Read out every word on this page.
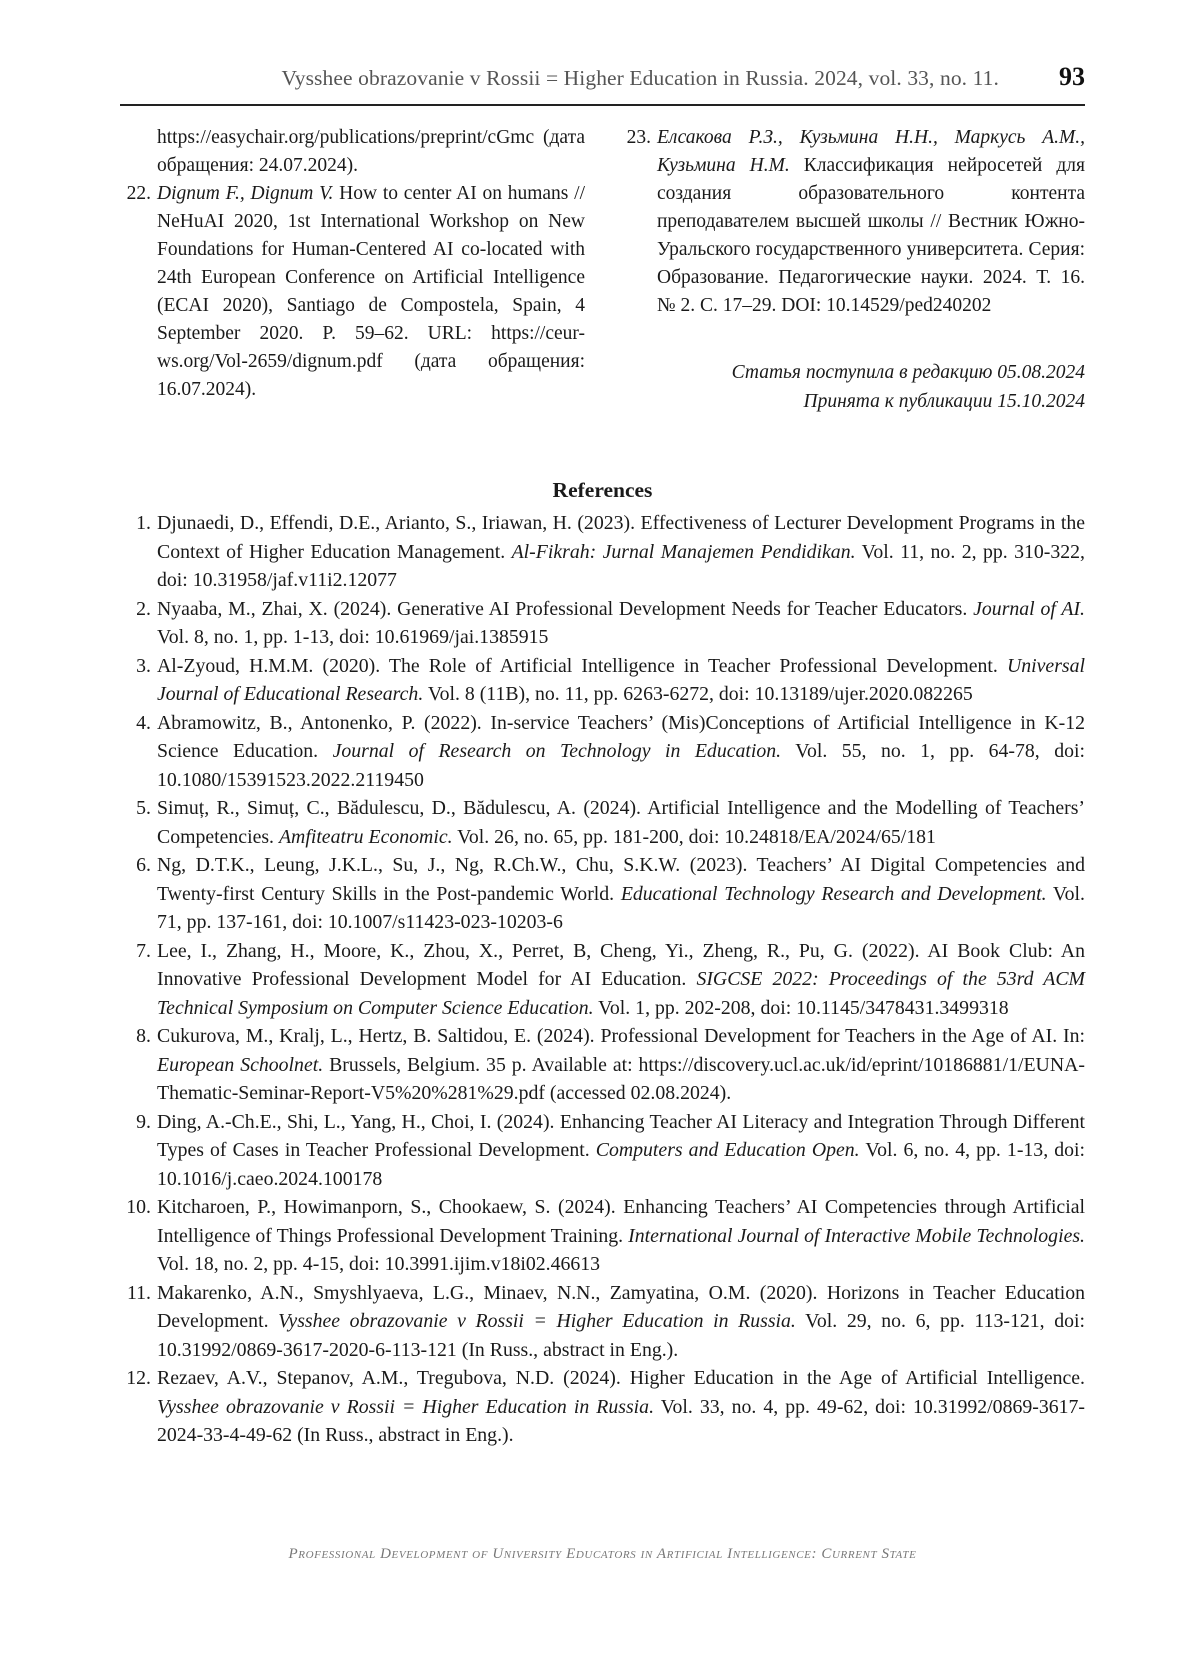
Vysshee obrazovanie v Rossii = Higher Education in Russia. 2024, vol. 33, no. 11. 93
https://easychair.org/publications/preprint/cGmc (дата обращения: 24.07.2024).
22. Dignum F., Dignum V. How to center AI on humans // NeHuAI 2020, 1st International Workshop on New Foundations for Human-Centered AI co-located with 24th European Conference on Artificial Intelligence (ECAI 2020), Santiago de Compostela, Spain, 4 September 2020. P. 59–62. URL: https://ceur-ws.org/Vol-2659/dignum.pdf (дата обращения: 16.07.2024).
23. Елсакова Р.З., Кузьмина Н.Н., Маркусь А.М., Кузьмина Н.М. Классификация нейросетей для создания образовательного контента преподавателем высшей школы // Вестник Южно-Уральского государственного университета. Серия: Образование. Педагогические науки. 2024. Т. 16. № 2. С. 17–29. DOI: 10.14529/ped240202
Статья поступила в редакцию 05.08.2024
Принята к публикации 15.10.2024
References
1. Djunaedi, D., Effendi, D.E., Arianto, S., Iriawan, H. (2023). Effectiveness of Lecturer Development Programs in the Context of Higher Education Management. Al-Fikrah: Jurnal Manajemen Pendidikan. Vol. 11, no. 2, pp. 310-322, doi: 10.31958/jaf.v11i2.12077
2. Nyaaba, M., Zhai, X. (2024). Generative AI Professional Development Needs for Teacher Educators. Journal of AI. Vol. 8, no. 1, pp. 1-13, doi: 10.61969/jai.1385915
3. Al-Zyoud, H.M.M. (2020). The Role of Artificial Intelligence in Teacher Professional Development. Universal Journal of Educational Research. Vol. 8 (11B), no. 11, pp. 6263-6272, doi: 10.13189/ujer.2020.082265
4. Abramowitz, B., Antonenko, P. (2022). In-service Teachers’ (Mis)Conceptions of Artificial Intelligence in K-12 Science Education. Journal of Research on Technology in Education. Vol. 55, no. 1, pp. 64-78, doi: 10.1080/15391523.2022.2119450
5. Simuț, R., Simuț, C., Bădulescu, D., Bădulescu, A. (2024). Artificial Intelligence and the Modelling of Teachers’ Competencies. Amfiteatru Economic. Vol. 26, no. 65, pp. 181-200, doi: 10.24818/EA/2024/65/181
6. Ng, D.T.K., Leung, J.K.L., Su, J., Ng, R.Ch.W., Chu, S.K.W. (2023). Teachers’ AI Digital Competencies and Twenty-first Century Skills in the Post-pandemic World. Educational Technology Research and Development. Vol. 71, pp. 137-161, doi: 10.1007/s11423-023-10203-6
7. Lee, I., Zhang, H., Moore, K., Zhou, X., Perret, B, Cheng, Yi., Zheng, R., Pu, G. (2022). AI Book Club: An Innovative Professional Development Model for AI Education. SIGCSE 2022: Proceedings of the 53rd ACM Technical Symposium on Computer Science Education. Vol. 1, pp. 202-208, doi: 10.1145/3478431.3499318
8. Cukurova, M., Kralj, L., Hertz, B. Saltidou, E. (2024). Professional Development for Teachers in the Age of AI. In: European Schoolnet. Brussels, Belgium. 35 p. Available at: https://discovery.ucl.ac.uk/id/eprint/10186881/1/EUNA-Thematic-Seminar-Report-V5%20%281%29.pdf (accessed 02.08.2024).
9. Ding, A.-Ch.E., Shi, L., Yang, H., Choi, I. (2024). Enhancing Teacher AI Literacy and Integration Through Different Types of Cases in Teacher Professional Development. Computers and Education Open. Vol. 6, no. 4, pp. 1-13, doi: 10.1016/j.caeo.2024.100178
10. Kitcharoen, P., Howimanporn, S., Chookaew, S. (2024). Enhancing Teachers’ AI Competencies through Artificial Intelligence of Things Professional Development Training. International Journal of Interactive Mobile Technologies. Vol. 18, no. 2, pp. 4-15, doi: 10.3991.ijim.v18i02.46613
11. Makarenko, A.N., Smyshlyaeva, L.G., Minaev, N.N., Zamyatina, O.M. (2020). Horizons in Teacher Education Development. Vysshee obrazovanie v Rossii = Higher Education in Russia. Vol. 29, no. 6, pp. 113-121, doi: 10.31992/0869-3617-2020-6-113-121 (In Russ., abstract in Eng.).
12. Rezaev, A.V., Stepanov, A.M., Tregubova, N.D. (2024). Higher Education in the Age of Artificial Intelligence. Vysshee obrazovanie v Rossii = Higher Education in Russia. Vol. 33, no. 4, pp. 49-62, doi: 10.31992/0869-3617-2024-33-4-49-62 (In Russ., abstract in Eng.).
Professional Development of University Educators in Artificial Intelligence: Current State
